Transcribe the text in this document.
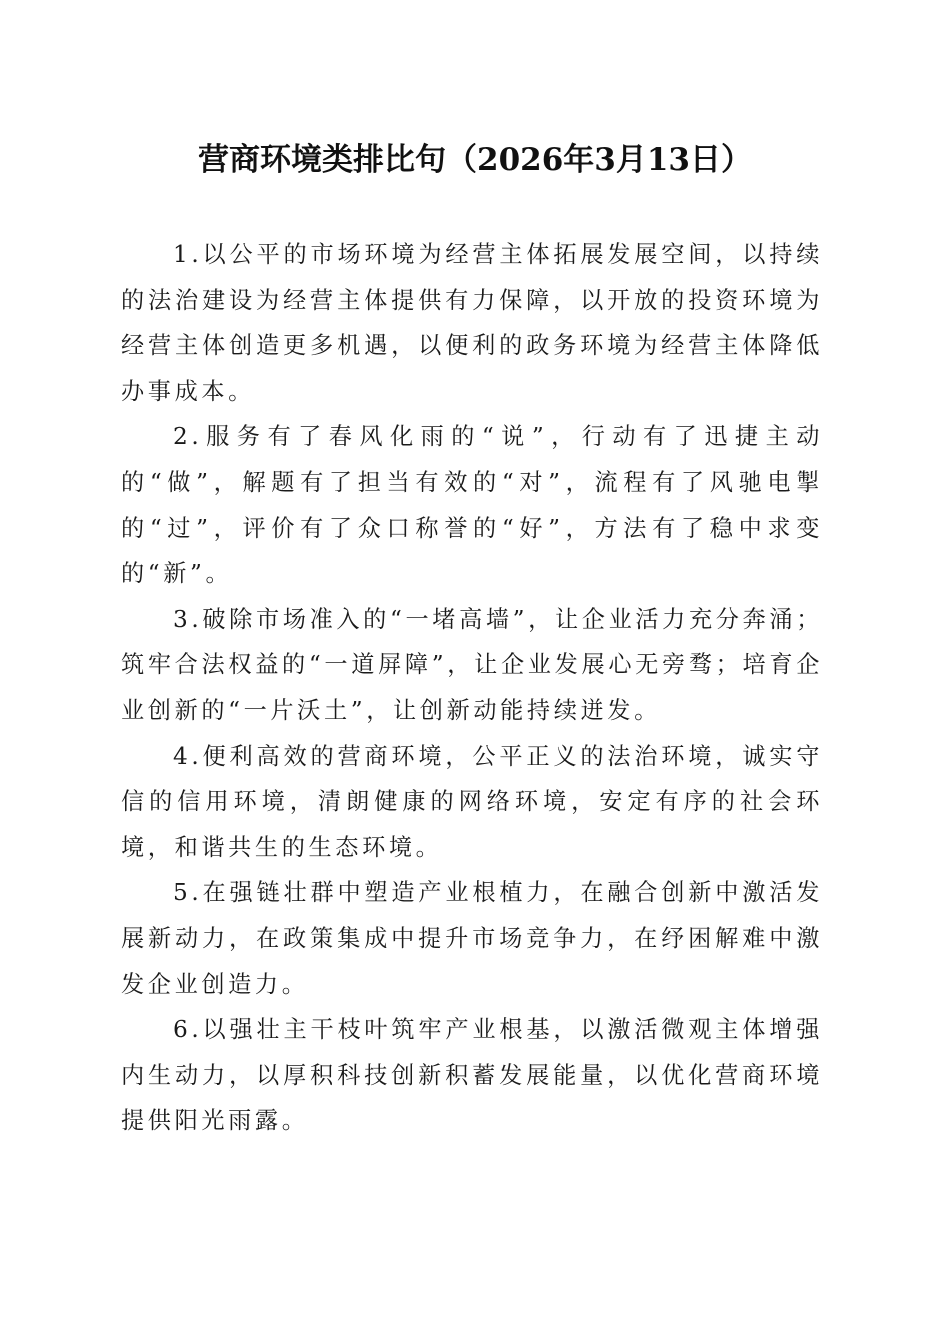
营商环境类排比句（2026年3月13日）

1.以公平的市场环境为经营主体拓展发展空间，以持续的法治建设为经营主体提供有力保障，以开放的投资环境为经营主体创造更多机遇，以便利的政务环境为经营主体降低办事成本。

2.服务有了春风化雨的“说”，行动有了迅捷主动的“做”，解题有了担当有效的“对”，流程有了风驰电掣的“过”，评价有了众口称誉的“好”，方法有了稳中求变的“新”。

3.破除市场准入的“一堵高墙”，让企业活力充分奔涌；筑牢合法权益的“一道屏障”，让企业发展心无旁骛；培育企业创新的“一片沃土”，让创新动能持续迸发。

4.便利高效的营商环境，公平正义的法治环境，诚实守信的信用环境，清朗健康的网络环境，安定有序的社会环境，和谐共生的生态环境。

5.在强链壮群中塑造产业根植力，在融合创新中激活发展新动力，在政策集成中提升市场竞争力，在纾困解难中激发企业创造力。

6.以强壮主干枝叶筑牢产业根基，以激活微观主体增强内生动力，以厚积科技创新积蓄发展能量，以优化营商环境提供阳光雨露。
